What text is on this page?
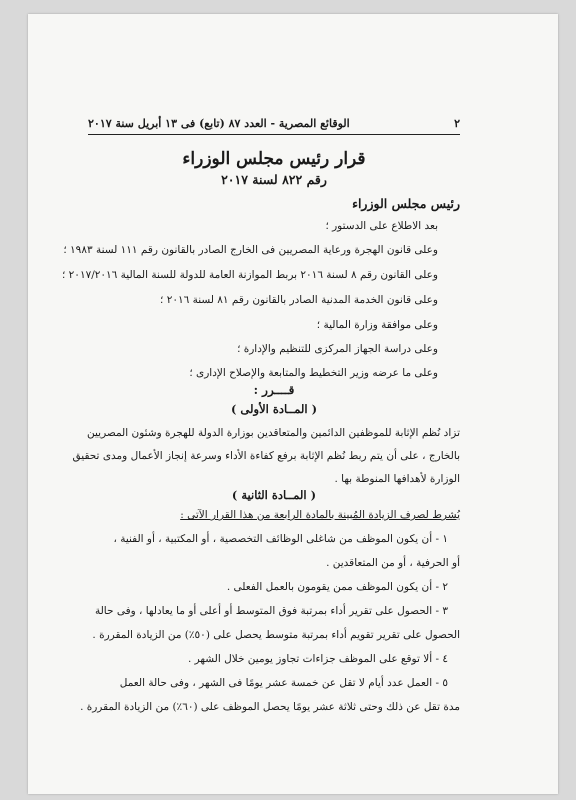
٢
الوقائع المصرية - العدد ٨٧ (تابع) فى ١٣ أبريل سنة ٢٠١٧
قرار رئيس مجلس الوزراء
رقم ٨٢٢ لسنة ٢٠١٧
رئيس مجلس الوزراء
بعد الاطلاع على الدستور ؛
وعلى قانون الهجرة ورعاية المصريين فى الخارج الصادر بالقانون رقم ١١١ لسنة ١٩٨٣ ؛
وعلى القانون رقم ٨ لسنة ٢٠١٦ بربط الموازنة العامة للدولة للسنة المالية ٢٠١٧/٢٠١٦ ؛
وعلى قانون الخدمة المدنية الصادر بالقانون رقم ٨١ لسنة ٢٠١٦ ؛
وعلى موافقة وزارة المالية ؛
وعلى دراسة الجهاز المركزى للتنظيم والإدارة ؛
وعلى ما عرضه وزير التخطيط والمتابعة والإصلاح الإدارى ؛
قــــرر :
( المــادة الأولى )
تزاد نُظم الإثابة للموظفين الدائمين والمتعاقدين بوزارة الدولة للهجرة وشئون المصريين
بالخارج ، على أن يتم ربط نُظم الإثابة برفع كفاءة الأداء وسرعة إنجاز الأعمال ومدى تحقيق
الوزارة لأهدافها المنوطة بها .
( المــادة الثانية )
يُشرط لصرف الزيادة المُبينة بالمادة الرابعة من هذا القرار الآتى :
١ - أن يكون الموظف من شاغلى الوظائف التخصصية ، أو المكتبية ، أو الفنية ،
أو الحرفية ، أو من المتعاقدين .
٢ - أن يكون الموظف ممن يقومون بالعمل الفعلى .
٣ - الحصول على تقرير أداء بمرتبة فوق المتوسط أو أعلى أو ما يعادلها ، وفى حالة
الحصول على تقرير تقويم أداء بمرتبة متوسط يحصل على (٥٠٪) من الزيادة المقررة .
٤ - ألا توقع على الموظف جزاءات تجاوز يومين خلال الشهر .
٥ - العمل عدد أيام لا تقل عن خمسة عشر يومًا فى الشهر ، وفى حالة العمل
مدة تقل عن ذلك وحتى ثلاثة عشر يومًا يحصل الموظف على (٦٠٪) من الزيادة المقررة .
